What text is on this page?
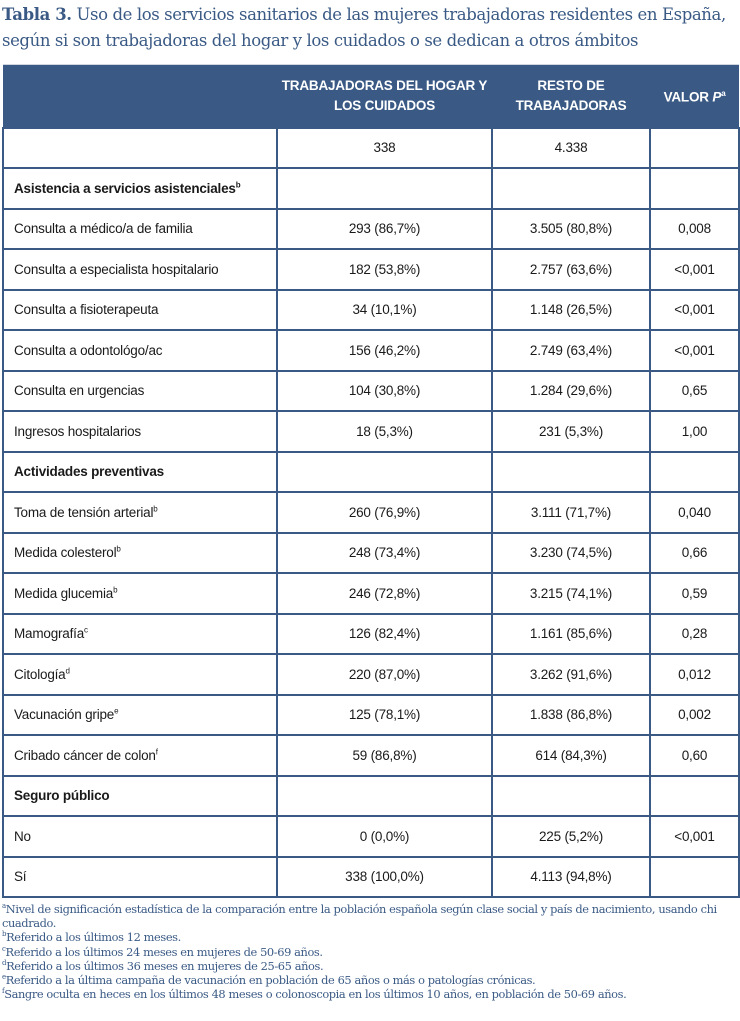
Tabla 3. Uso de los servicios sanitarios de las mujeres trabajadoras residentes en España, según si son trabajadoras del hogar y los cuidados o se dedican a otros ámbitos
	TRABAJADORAS DEL HOGAR Y LOS CUIDADOS	RESTO DE TRABAJADORAS	VALOR $P^a$
	338	4.338	
Asistencia a servicios asistenciales$^b$			
Consulta a médico/a de familia	293 (86,7%)	3.505 (80,8%)	0,008
Consulta a especialista hospitalario	182 (53,8%)	2.757 (63,6%)	<0,001
Consulta a fisioterapeuta	34 (10,1%)	1.148 (26,5%)	<0,001
Consulta a odontológo/ac	156 (46,2%)	2.749 (63,4%)	<0,001
Consulta en urgencias	104 (30,8%)	1.284 (29,6%)	0,65
Ingresos hospitalarios	18 (5,3%)	231 (5,3%)	1,00
Actividades preventivas			
Toma de tensión arterial$^b$	260 (76,9%)	3.111 (71,7%)	0,040
Medida colesterol$^b$	248 (73,4%)	3.230 (74,5%)	0,66
Medida glucemia$^b$	246 (72,8%)	3.215 (74,1%)	0,59
Mamografía$^c$	126 (82,4%)	1.161 (85,6%)	0,28
Citología$^d$	220 (87,0%)	3.262 (91,6%)	0,012
Vacunación gripe$^e$	125 (78,1%)	1.838 (86,8%)	0,002
Cribado cáncer de colon$^f$	59 (86,8%)	614 (84,3%)	0,60
Seguro público			
No	0 (0,0%)	225 (5,2%)	<0,001
Sí	338 (100,0%)	4.113 (94,8%)	
$^a$Nivel de significación estadística de la comparación entre la población española según clase social y país de nacimiento, usando chi cuadrado.
$^b$Referido a los últimos 12 meses.
$^c$Referido a los últimos 24 meses en mujeres de 50-69 años.
$^d$Referido a los últimos 36 meses en mujeres de 25-65 años.
$^e$Referido a la última campaña de vacunación en población de 65 años o más o patologías crónicas.
$^f$Sangre oculta en heces en los últimos 48 meses o colonoscopia en los últimos 10 años, en población de 50-69 años.
